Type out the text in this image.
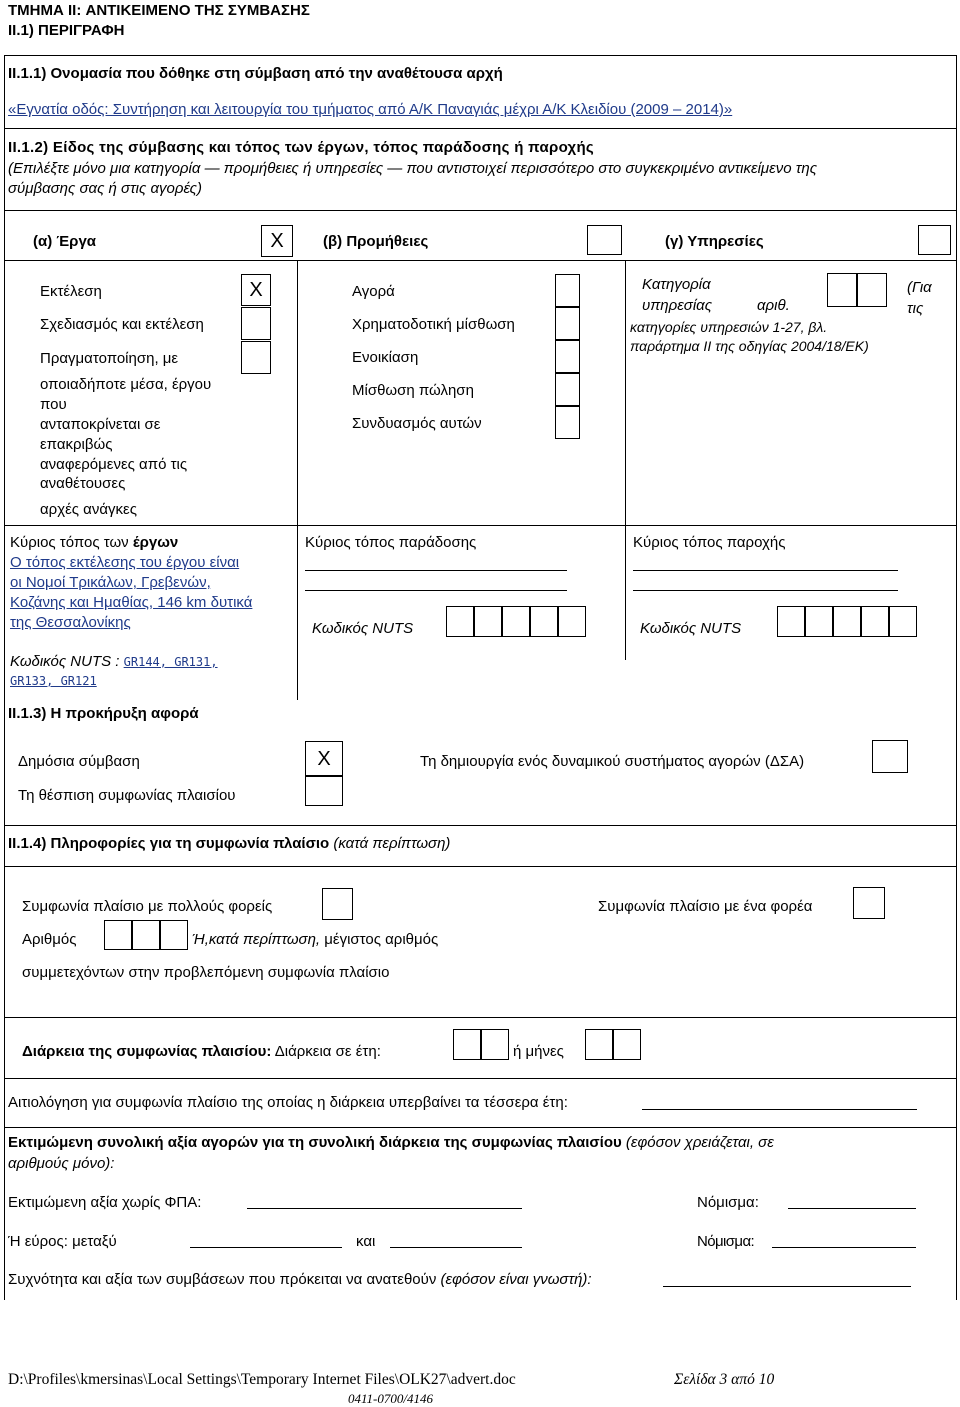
ΤΜΗΜΑ II: ΑΝΤΙΚΕΙΜΕΝΟ ΤΗΣ ΣΥΜΒΑΣΗΣ
II.1) ΠΕΡΙΓΡΑΦΗ
II.1.1) Ονομασία που δόθηκε στη σύμβαση από την αναθέτουσα αρχή
«Εγνατία οδός: Συντήρηση και λειτουργία του τμήματος από Α/Κ Παναγιάς μέχρι Α/Κ Κλειδίου (2009 – 2014)»
II.1.2) Είδος της σύμβασης και τόπος των έργων, τόπος παράδοσης ή παροχής
(Επιλέξτε μόνο μια κατηγορία — προμήθειες ή υπηρεσίες — που αντιστοιχεί περισσότερο στο συγκεκριμένο αντικείμενο της
σύμβασης σας ή στις αγορές)
(α) Έργα	X	(β) Προμήθειες	(γ) Υπηρεσίες
Εκτέλεση	X
Σχεδιασμός και εκτέλεση
Πραγματοποίηση, με
οποιαδήποτε μέσα, έργου
που
ανταποκρίνεται σε
επακριβώς
αναφερόμενες από τις
αναθέτουσες
αρχές ανάγκες
Αγορά
Χρηματοδοτική μίσθωση
Ενοικίαση
Μίσθωση πώληση
Συνδυασμός αυτών
Κατηγορία
υπηρεσίας	αριθ.
(Για
τις
κατηγορίες υπηρεσιών 1-27, βλ.
παράρτημα ΙΙ της οδηγίας 2004/18/ΕΚ)
Κύριος τόπος των έργων
Ο τόπος εκτέλεσης του έργου είναι
οι Νομοί Τρικάλων, Γρεβενών,
Κοζάνης και Ημαθίας, 146 km δυτικά
της Θεσσαλονίκης
Κωδικός NUTS : GR144, GR131,
GR133, GR121
Κύριος τόπος παράδοσης
Κωδικός NUTS
Κύριος τόπος παροχής
Κωδικός NUTS
II.1.3) Η προκήρυξη αφορά
Δημόσια σύμβαση	X	Τη δημιουργία ενός δυναμικού συστήματος αγορών (ΔΣΑ)
Τη θέσπιση συμφωνίας πλαισίου
II.1.4) Πληροφορίες για τη συμφωνία πλαίσιο (κατά περίπτωση)
Συμφωνία πλαίσιο με πολλούς φορείς	Συμφωνία πλαίσιο με ένα φορέα
Αριθμός	Ή,κατά περίπτωση, μέγιστος αριθμός
συμμετεχόντων στην προβλεπόμενη συμφωνία πλαίσιο
Διάρκεια της συμφωνίας πλαισίου: Διάρκεια σε έτη:	ή μήνες
Αιτιολόγηση για συμφωνία πλαίσιο της οποίας η διάρκεια υπερβαίνει τα τέσσερα έτη:
Εκτιμώμενη συνολική αξία αγορών για τη συνολική διάρκεια της συμφωνίας πλαισίου (εφόσον χρειάζεται, σε
αριθμούς μόνο):
Εκτιμώμενη αξία χωρίς ΦΠΑ:	Νόμισμα:
Ή εύρος: μεταξύ	και	Νόμισμα:
Συχνότητα και αξία των συμβάσεων που πρόκειται να ανατεθούν (εφόσον είναι γνωστή):
D:\Profiles\kmersinas\Local Settings\Temporary Internet Files\OLK27\advert.doc	Σελίδα 3 από 10
0411-0700/4146
